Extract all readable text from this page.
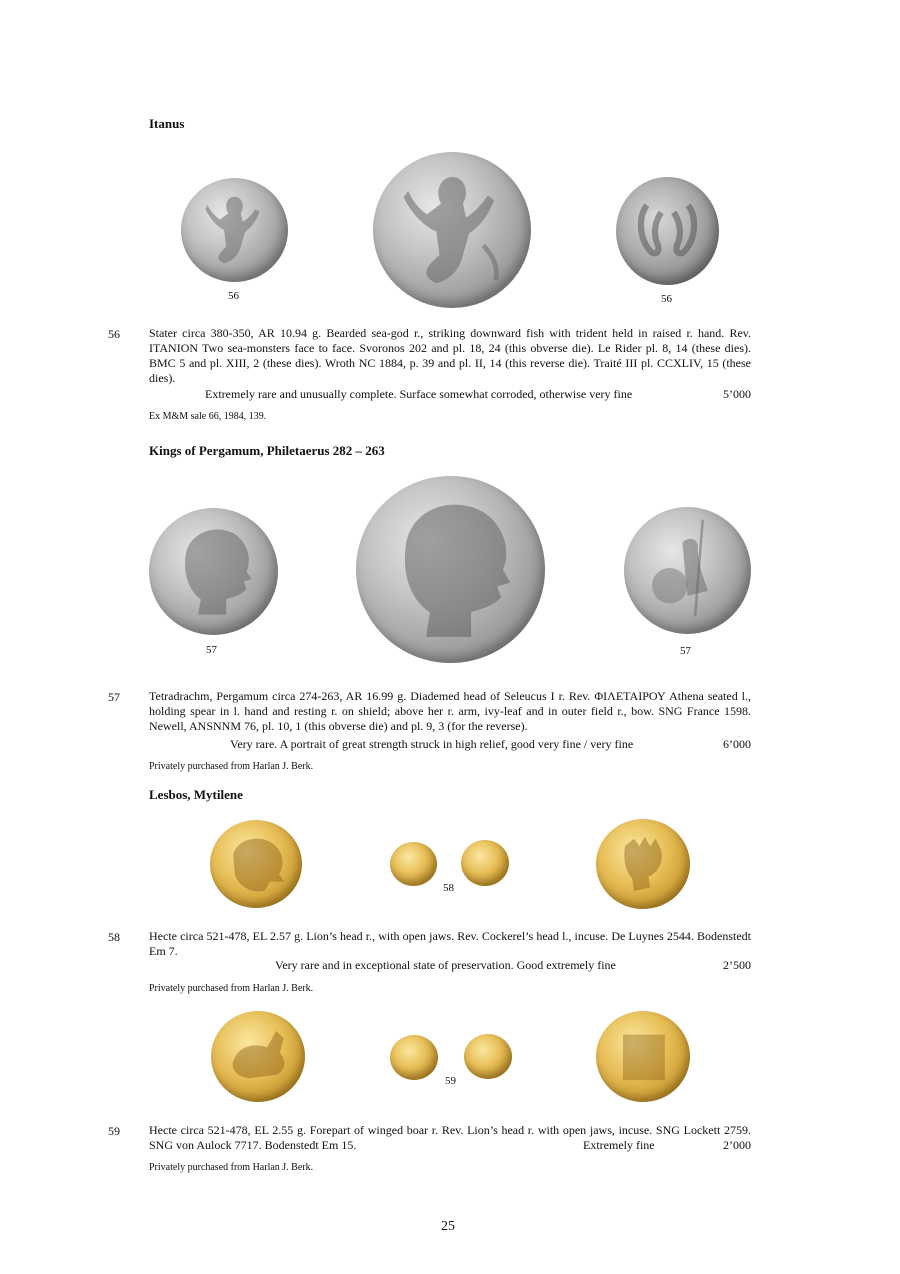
Itanus
56	56
56 Stater circa 380-350, AR 10.94 g. Bearded sea-god r., striking downward fish with trident held in raised r. hand. Rev. ITANION Two sea-monsters face to face. Svoronos 202 and pl. 18, 24 (this obverse die). Le Rider pl. 8, 14 (these dies). BMC 5 and pl. XIII, 2 (these dies). Wroth NC 1884, p. 39 and pl. II, 14 (this reverse die). Traité III pl. CCXLIV, 15 (these dies).
Extremely rare and unusually complete. Surface somewhat corroded, otherwise very fine	5’000
Ex M&M sale 66, 1984, 139.
Kings of Pergamum, Philetaerus 282 – 263
57	57
57 Tetradrachm, Pergamum circa 274-263, AR 16.99 g. Diademed head of Seleucus I r. Rev. ΦΙΛΕΤΑΙΡΟΥ Athena seated l., holding spear in l. hand and resting r. on shield; above her r. arm, ivy-leaf and in outer field r., bow. SNG France 1598. Newell, ANSNNM 76, pl. 10, 1 (this obverse die) and pl. 9, 3 (for the reverse).
Very rare. A portrait of great strength struck in high relief, good very fine / very fine	6’000
Privately purchased from Harlan J. Berk.
Lesbos, Mytilene
58
58 Hecte circa 521-478, EL 2.57 g. Lion’s head r., with open jaws. Rev. Cockerel’s head l., incuse. De Luynes 2544. Bodenstedt Em 7.
Very rare and in exceptional state of preservation. Good extremely fine	2’500
Privately purchased from Harlan J. Berk.
59
59 Hecte circa 521-478, EL 2.55 g. Forepart of winged boar r. Rev. Lion’s head r. with open jaws, incuse. SNG Lockett 2759. SNG von Aulock 7717. Bodenstedt Em 15.	Extremely fine	2’000
Privately purchased from Harlan J. Berk.
25
